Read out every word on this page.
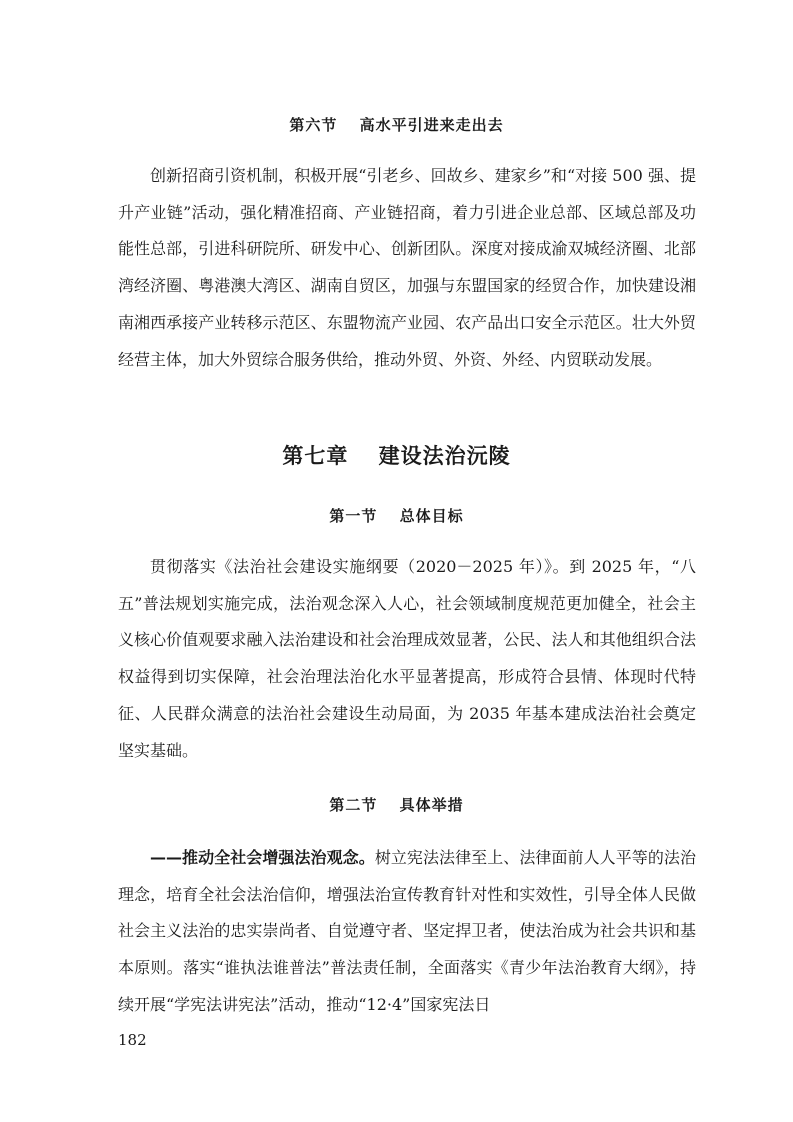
第六节　 高水平引进来走出去
创新招商引资机制，积极开展“引老乡、回故乡、建家乡”和“对接 500 强、提升产业链”活动，强化精准招商、产业链招商，着力引进企业总部、区域总部及功能性总部，引进科研院所、研发中心、创新团队。深度对接成渝双城经济圈、北部湾经济圈、粤港澳大湾区、湖南自贸区，加强与东盟国家的经贸合作，加快建设湘南湘西承接产业转移示范区、东盟物流产业园、农产品出口安全示范区。壮大外贸经营主体，加大外贸综合服务供给，推动外贸、外资、外经、内贸联动发展。
第七章　 建设法治沅陵
第一节　 总体目标
贯彻落实《法治社会建设实施纲要（2020－2025 年）》。到 2025 年，“八五”普法规划实施完成，法治观念深入人心，社会领域制度规范更加健全，社会主义核心价值观要求融入法治建设和社会治理成效显著，公民、法人和其他组织合法权益得到切实保障，社会治理法治化水平显著提高，形成符合县情、体现时代特征、人民群众满意的法治社会建设生动局面，为 2035 年基本建成法治社会奠定坚实基础。
第二节　 具体举措
——推动全社会增强法治观念。树立宪法法律至上、法律面前人人平等的法治理念，培育全社会法治信仰，增强法治宣传教育针对性和实效性，引导全体人民做社会主义法治的忠实崇尚者、自觉遵守者、坚定捍卫者，使法治成为社会共识和基本原则。落实“谁执法谁普法”普法责任制，全面落实《青少年法治教育大纲》，持续开展“学宪法讲宪法”活动，推动“12·4”国家宪法日
182
